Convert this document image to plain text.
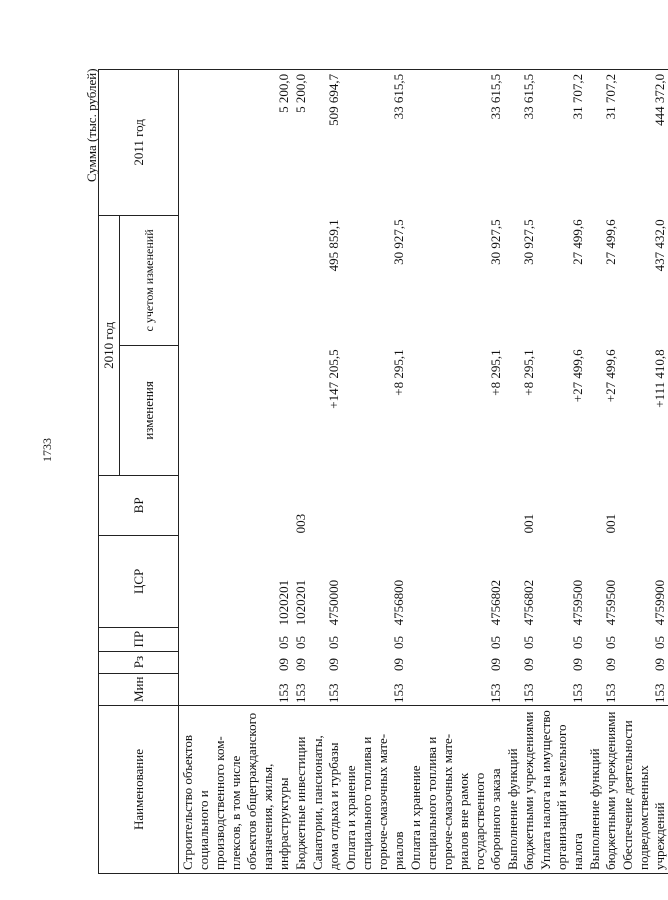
1733
Сумма (тыс. рублей)
Наименование	Мин	Рз	ПР	ЦСР	ВР	2010 год		2011 год
						изменения	с учетом изменений	
Строительство объектов социального и производственного комплексов, в том числе объектов общегражданского назначения, жилья, инфраструктуры	153	09	05	1020201				5 200,0
Бюджетные инвестиции	153	09	05	1020201	003			5 200,0
Санатории, пансионаты, дома отдыха и турбазы	153	09	05	4750000		+147 205,5	495 859,1	509 694,7
Оплата и хранение специального топлива и горюче-смазочных материалов	153	09	05	4756800		+8 295,1	30 927,5	33 615,5
Оплата и хранение специального топлива и горюче-смазочных материалов вне рамок государственного оборонного заказа	153	09	05	4756802		+8 295,1	30 927,5	33 615,5
Выполнение функций бюджетными учреждениями	153	09	05	4756802	001	+8 295,1	30 927,5	33 615,5
Уплата налога на имущество организаций и земельного налога	153	09	05	4759500		+27 499,6	27 499,6	31 707,2
Выполнение функций бюджетными учреждениями	153	09	05	4759500	001	+27 499,6	27 499,6	31 707,2
Обеспечение деятельности подведомственных учреждений	153	09	05	4759900		+111 410,8	437 432,0	444 372,0
